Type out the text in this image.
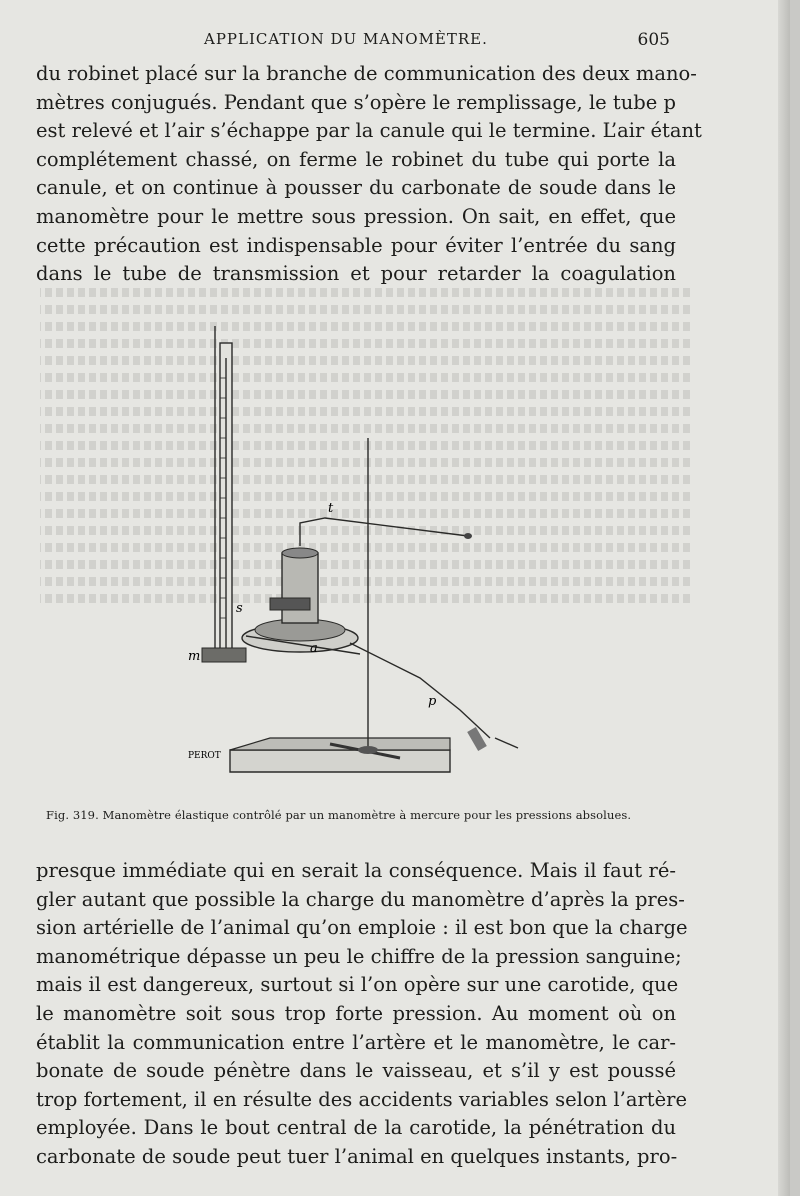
APPLICATION DU MANOMÈTRE.	605

du robinet placé sur la branche de communication des deux mano-
mètres conjugués. Pendant que s’opère le remplissage, le tube p
est relevé et l’air s’échappe par la canule qui le termine. L’air étant
complétement chassé, on ferme le robinet du tube qui porte la
canule, et on continue à pousser du carbonate de soude dans le
manomètre pour le mettre sous pression. On sait, en effet, que
cette précaution est indispensable pour éviter l’entrée du sang
dans le tube de transmission et pour retarder la coagulation

t
s
m
a
p
PERОT
Fig. 319. Manomètre élastique contrôlé par un manomètre à mercure pour les pressions absolues.

presque immédiate qui en serait la conséquence. Mais il faut ré-
gler autant que possible la charge du manomètre d’après la pres-
sion artérielle de l’animal qu’on emploie : il est bon que la charge
manométrique dépasse un peu le chiffre de la pression sanguine;
mais il est dangereux, surtout si l’on opère sur une carotide, que
le manomètre soit sous trop forte pression. Au moment où on
établit la communication entre l’artère et le manomètre, le car-
bonate de soude pénètre dans le vaisseau, et s’il y est poussé
trop fortement, il en résulte des accidents variables selon l’artère
employée. Dans le bout central de la carotide, la pénétration du
carbonate de soude peut tuer l’animal en quelques instants, pro-
